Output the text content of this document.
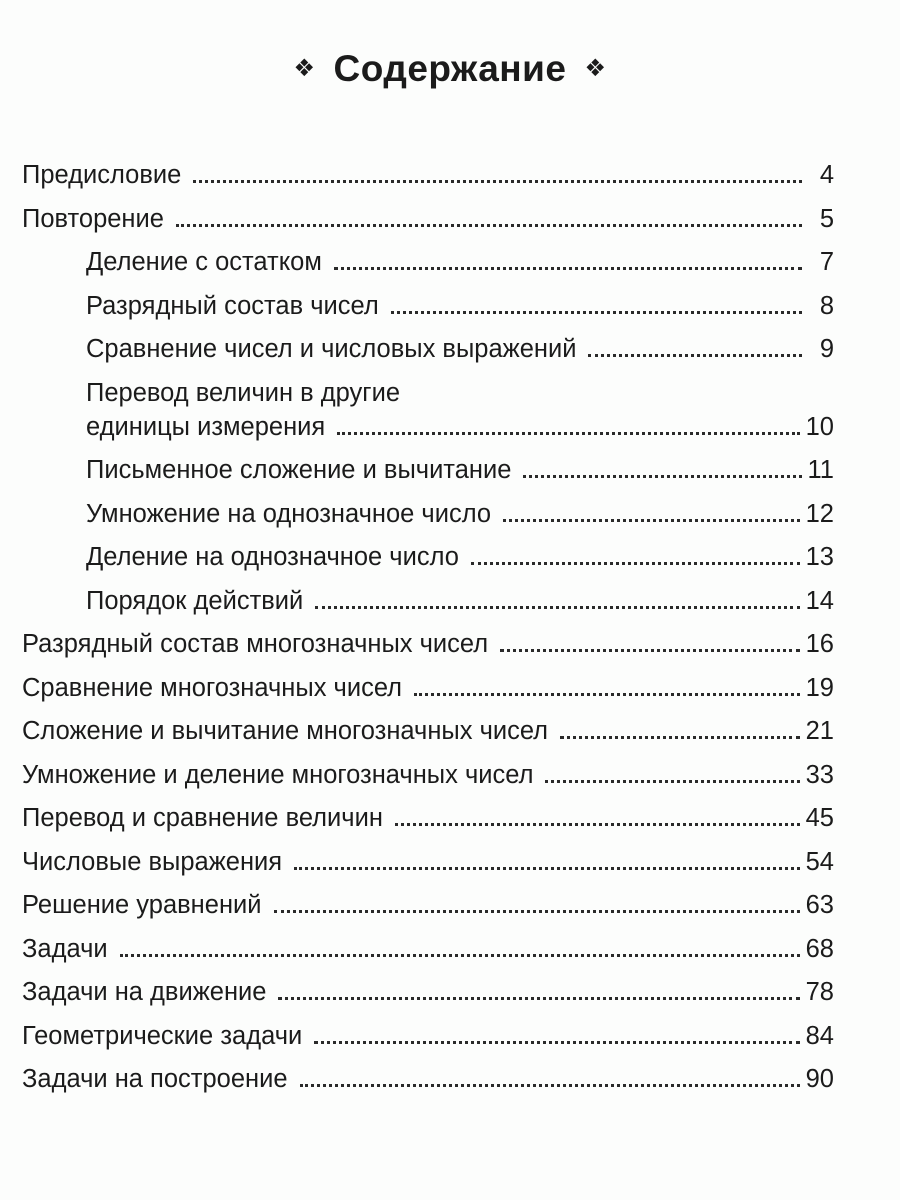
❖ Содержание ❖
Предисловие	4
Повторение	5
Деление с остатком	7
Разрядный состав чисел	8
Сравнение чисел и числовых выражений	9
Перевод величин в другие
единицы измерения	10
Письменное сложение и вычитание	11
Умножение на однозначное число	12
Деление на однозначное число	13
Порядок действий	14
Разрядный состав многозначных чисел	16
Сравнение многозначных чисел	19
Сложение и вычитание многозначных чисел	21
Умножение и деление многозначных чисел	33
Перевод и сравнение величин	45
Числовые выражения	54
Решение уравнений	63
Задачи	68
Задачи на движение	78
Геометрические задачи	84
Задачи на построение	90
